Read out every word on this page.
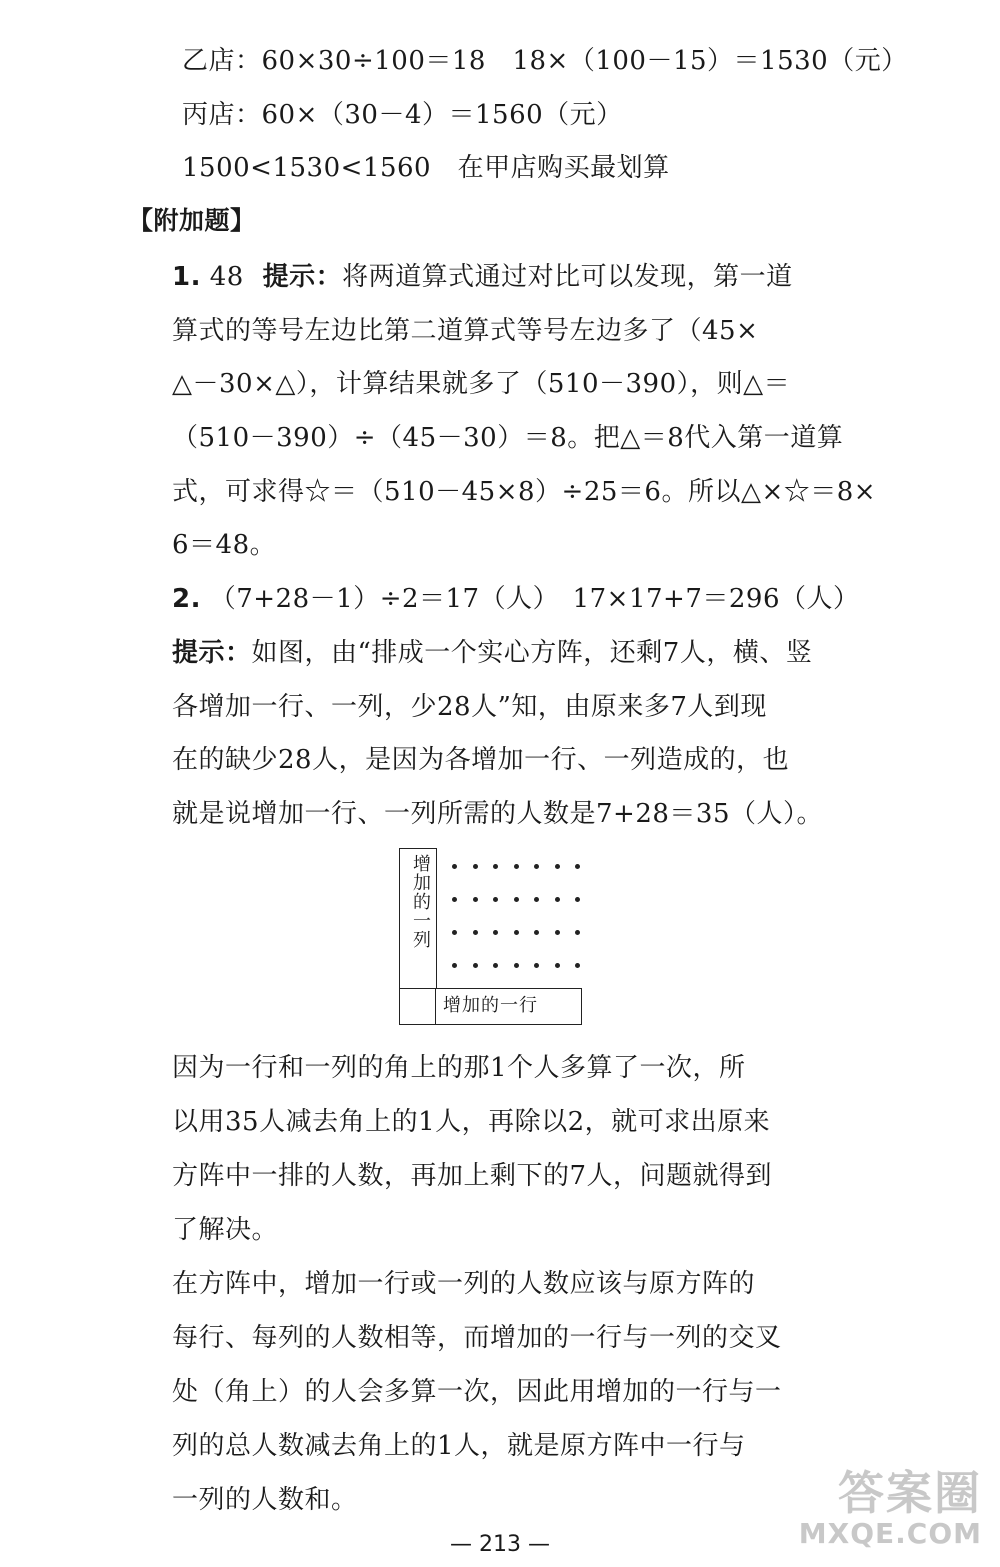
乙店：60×30÷100＝18　18×（100－15）＝1530（元）
丙店：60×（30－4）＝1560（元）
1500<1530<1560　在甲店购买最划算
【附加题】
1. 48 提示：将两道算式通过对比可以发现，第一道
算式的等号左边比第二道算式等号左边多了（45×
△－30×△），计算结果就多了（510－390），则△＝
（510－390）÷（45－30）＝8。把△＝8代入第一道算
式，可求得☆＝（510－45×8）÷25＝6。所以△×☆＝8×
6＝48。
2. （7+28－1）÷2＝17（人）　17×17+7＝296（人）
提示：如图，由“排成一个实心方阵，还剩7人，横、竖
各增加一行、一列，少28人”知，由原来多7人到现
在的缺少28人，是因为各增加一行、一列造成的，也
就是说增加一行、一列所需的人数是7+28＝35（人）。
增加的一列
增加的一行
因为一行和一列的角上的那1个人多算了一次，所
以用35人减去角上的1人，再除以2，就可求出原来
方阵中一排的人数，再加上剩下的7人，问题就得到
了解决。
在方阵中，增加一行或一列的人数应该与原方阵的
每行、每列的人数相等，而增加的一行与一列的交叉
处（角上）的人会多算一次，因此用增加的一行与一
列的总人数减去角上的1人，就是原方阵中一行与
一列的人数和。
— 213 —
答案圈
MXQE.COM
